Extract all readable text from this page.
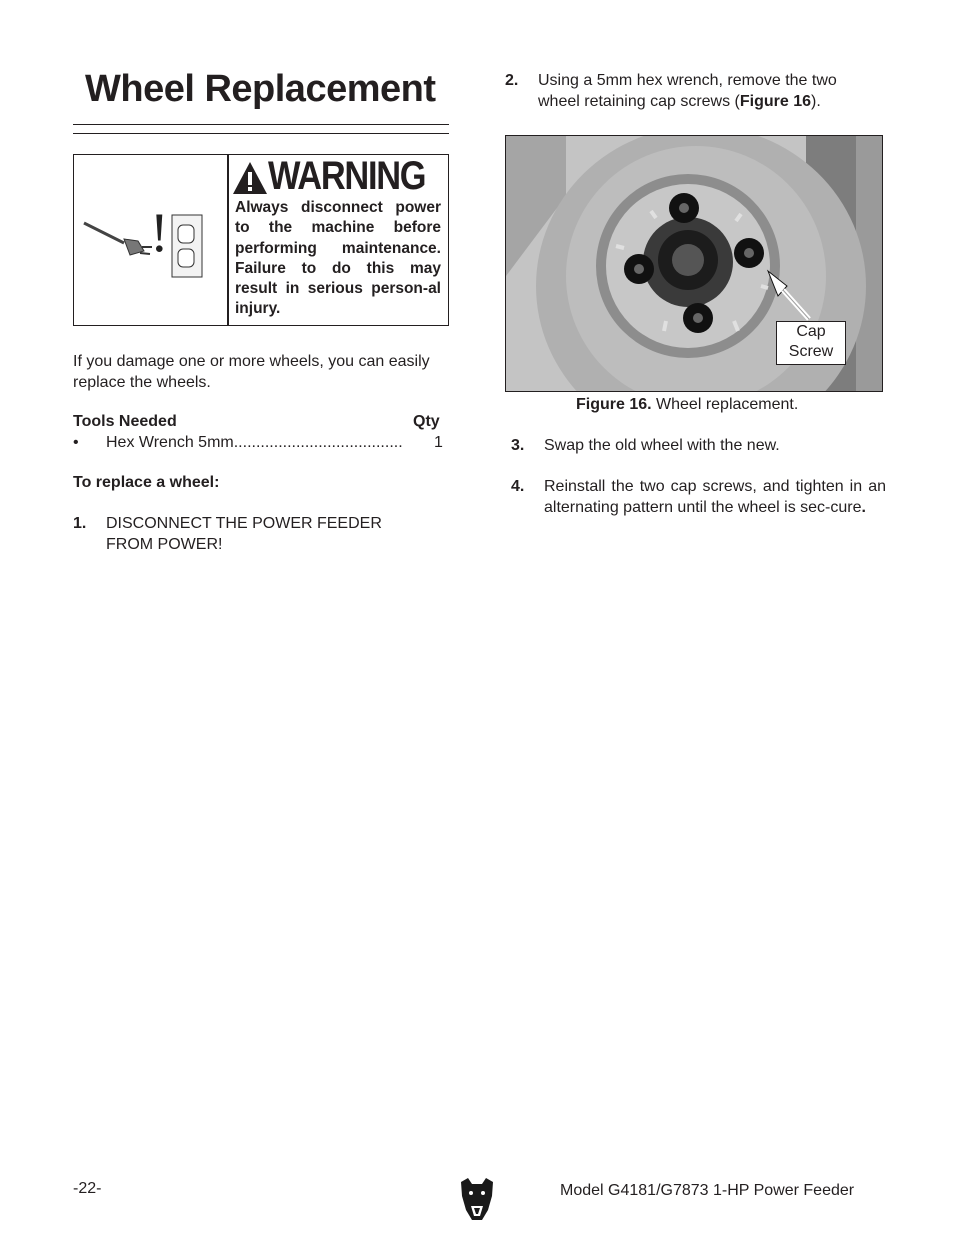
Wheel Replacement
!
WARNING
Always disconnect power to the machine before performing maintenance. Failure to do this may result in serious person-al injury.
If you damage one or more wheels, you can easily replace the wheels.
Tools Needed	Qty
• Hex Wrench 5mm...................................... 1
To replace a wheel:
1. DISCONNECT THE POWER FEEDER FROM POWER!
2. Using a 5mm hex wrench, remove the two wheel retaining cap screws (Figure 16).
Cap
Screw
Figure 16. Wheel replacement.
3. Swap the old wheel with the new.
4. Reinstall the two cap screws, and tighten in an alternating pattern until the wheel is sec-cure.
-22-	Model G4181/G7873 1-HP Power Feeder
